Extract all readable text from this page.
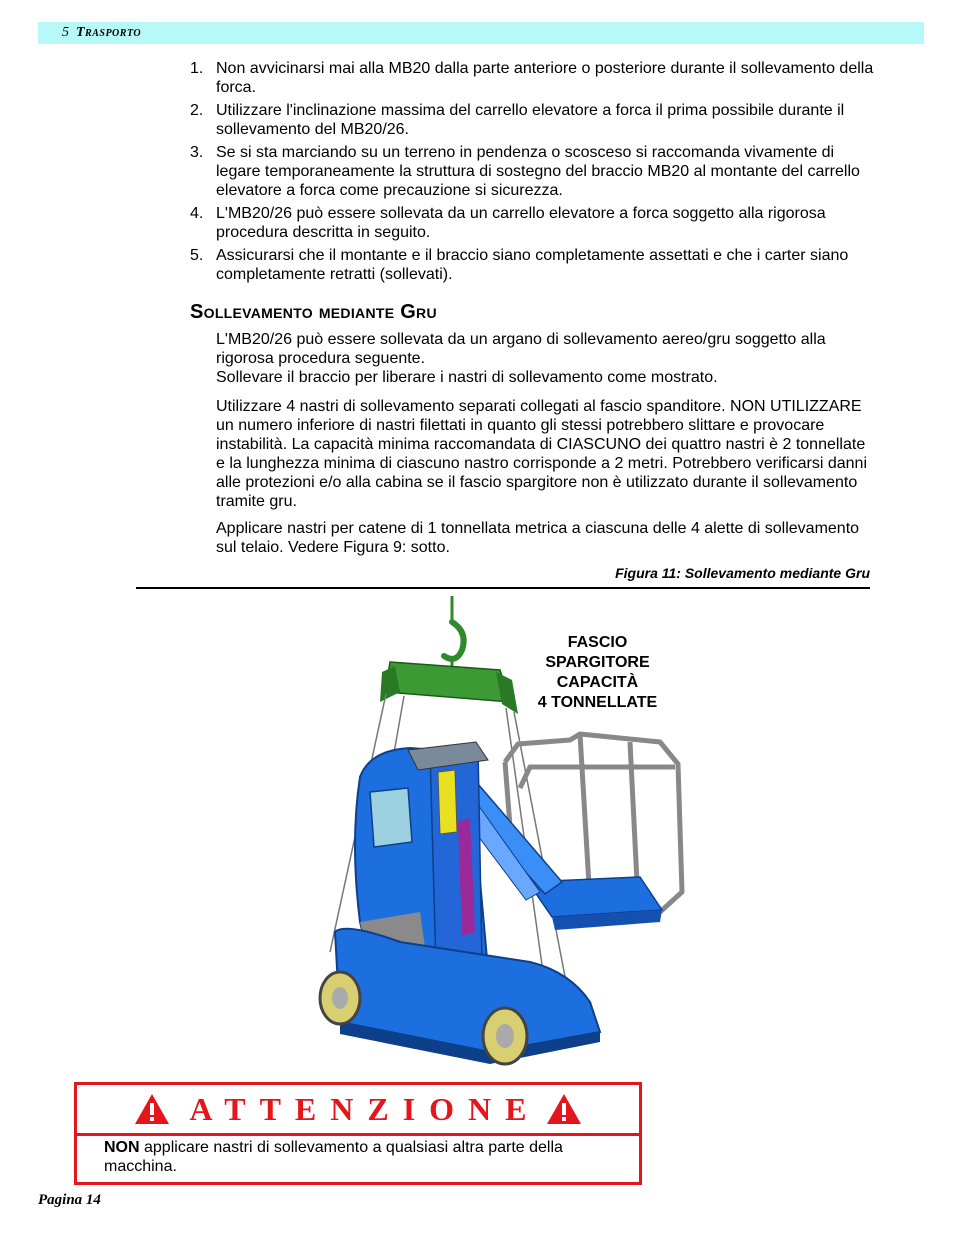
5 Trasporto
1. Non avvicinarsi mai alla MB20 dalla parte anteriore o posteriore durante il sollevamento della forca.
2. Utilizzare l'inclinazione massima del carrello elevatore a forca il prima possibile durante il sollevamento del MB20/26.
3. Se si sta marciando su un terreno in pendenza o scosceso si raccomanda vivamente di legare temporaneamente la struttura di sostegno del braccio MB20 al montante del carrello elevatore a forca come precauzione si sicurezza.
4. L'MB20/26 può essere sollevata da un carrello elevatore a forca soggetto alla rigorosa procedura descritta in seguito.
5. Assicurarsi che il montante e il braccio siano completamente assettati e che i carter siano completamente retratti (sollevati).
Sollevamento mediante Gru

L'MB20/26 può essere sollevata da un argano di sollevamento aereo/gru soggetto alla rigorosa procedura seguente.
Sollevare il braccio per liberare i nastri di sollevamento come mostrato.

Utilizzare 4 nastri di sollevamento separati collegati al fascio spanditore. NON UTILIZZARE un numero inferiore di nastri filettati in quanto gli stessi potrebbero slittare e provocare instabilità. La capacità minima raccomandata di CIASCUNO dei quattro nastri è 2 tonnellate e la lunghezza minima di ciascuno nastro corrisponde a 2 metri. Potrebbero verificarsi danni alle protezioni e/o alla cabina se il fascio spargitore non è utilizzato durante il sollevamento tramite gru.

Applicare nastri per catene di 1 tonnellata metrica a ciascuna delle 4 alette di sollevamento sul telaio. Vedere Figura 9: sotto.

Figura 11: Sollevamento mediante Gru
FASCIO
SPARGITORE
CAPACITÀ
4 TONNELLATE
ATTENZIONE
NON applicare nastri di sollevamento a qualsiasi altra parte della macchina.
Pagina 14
